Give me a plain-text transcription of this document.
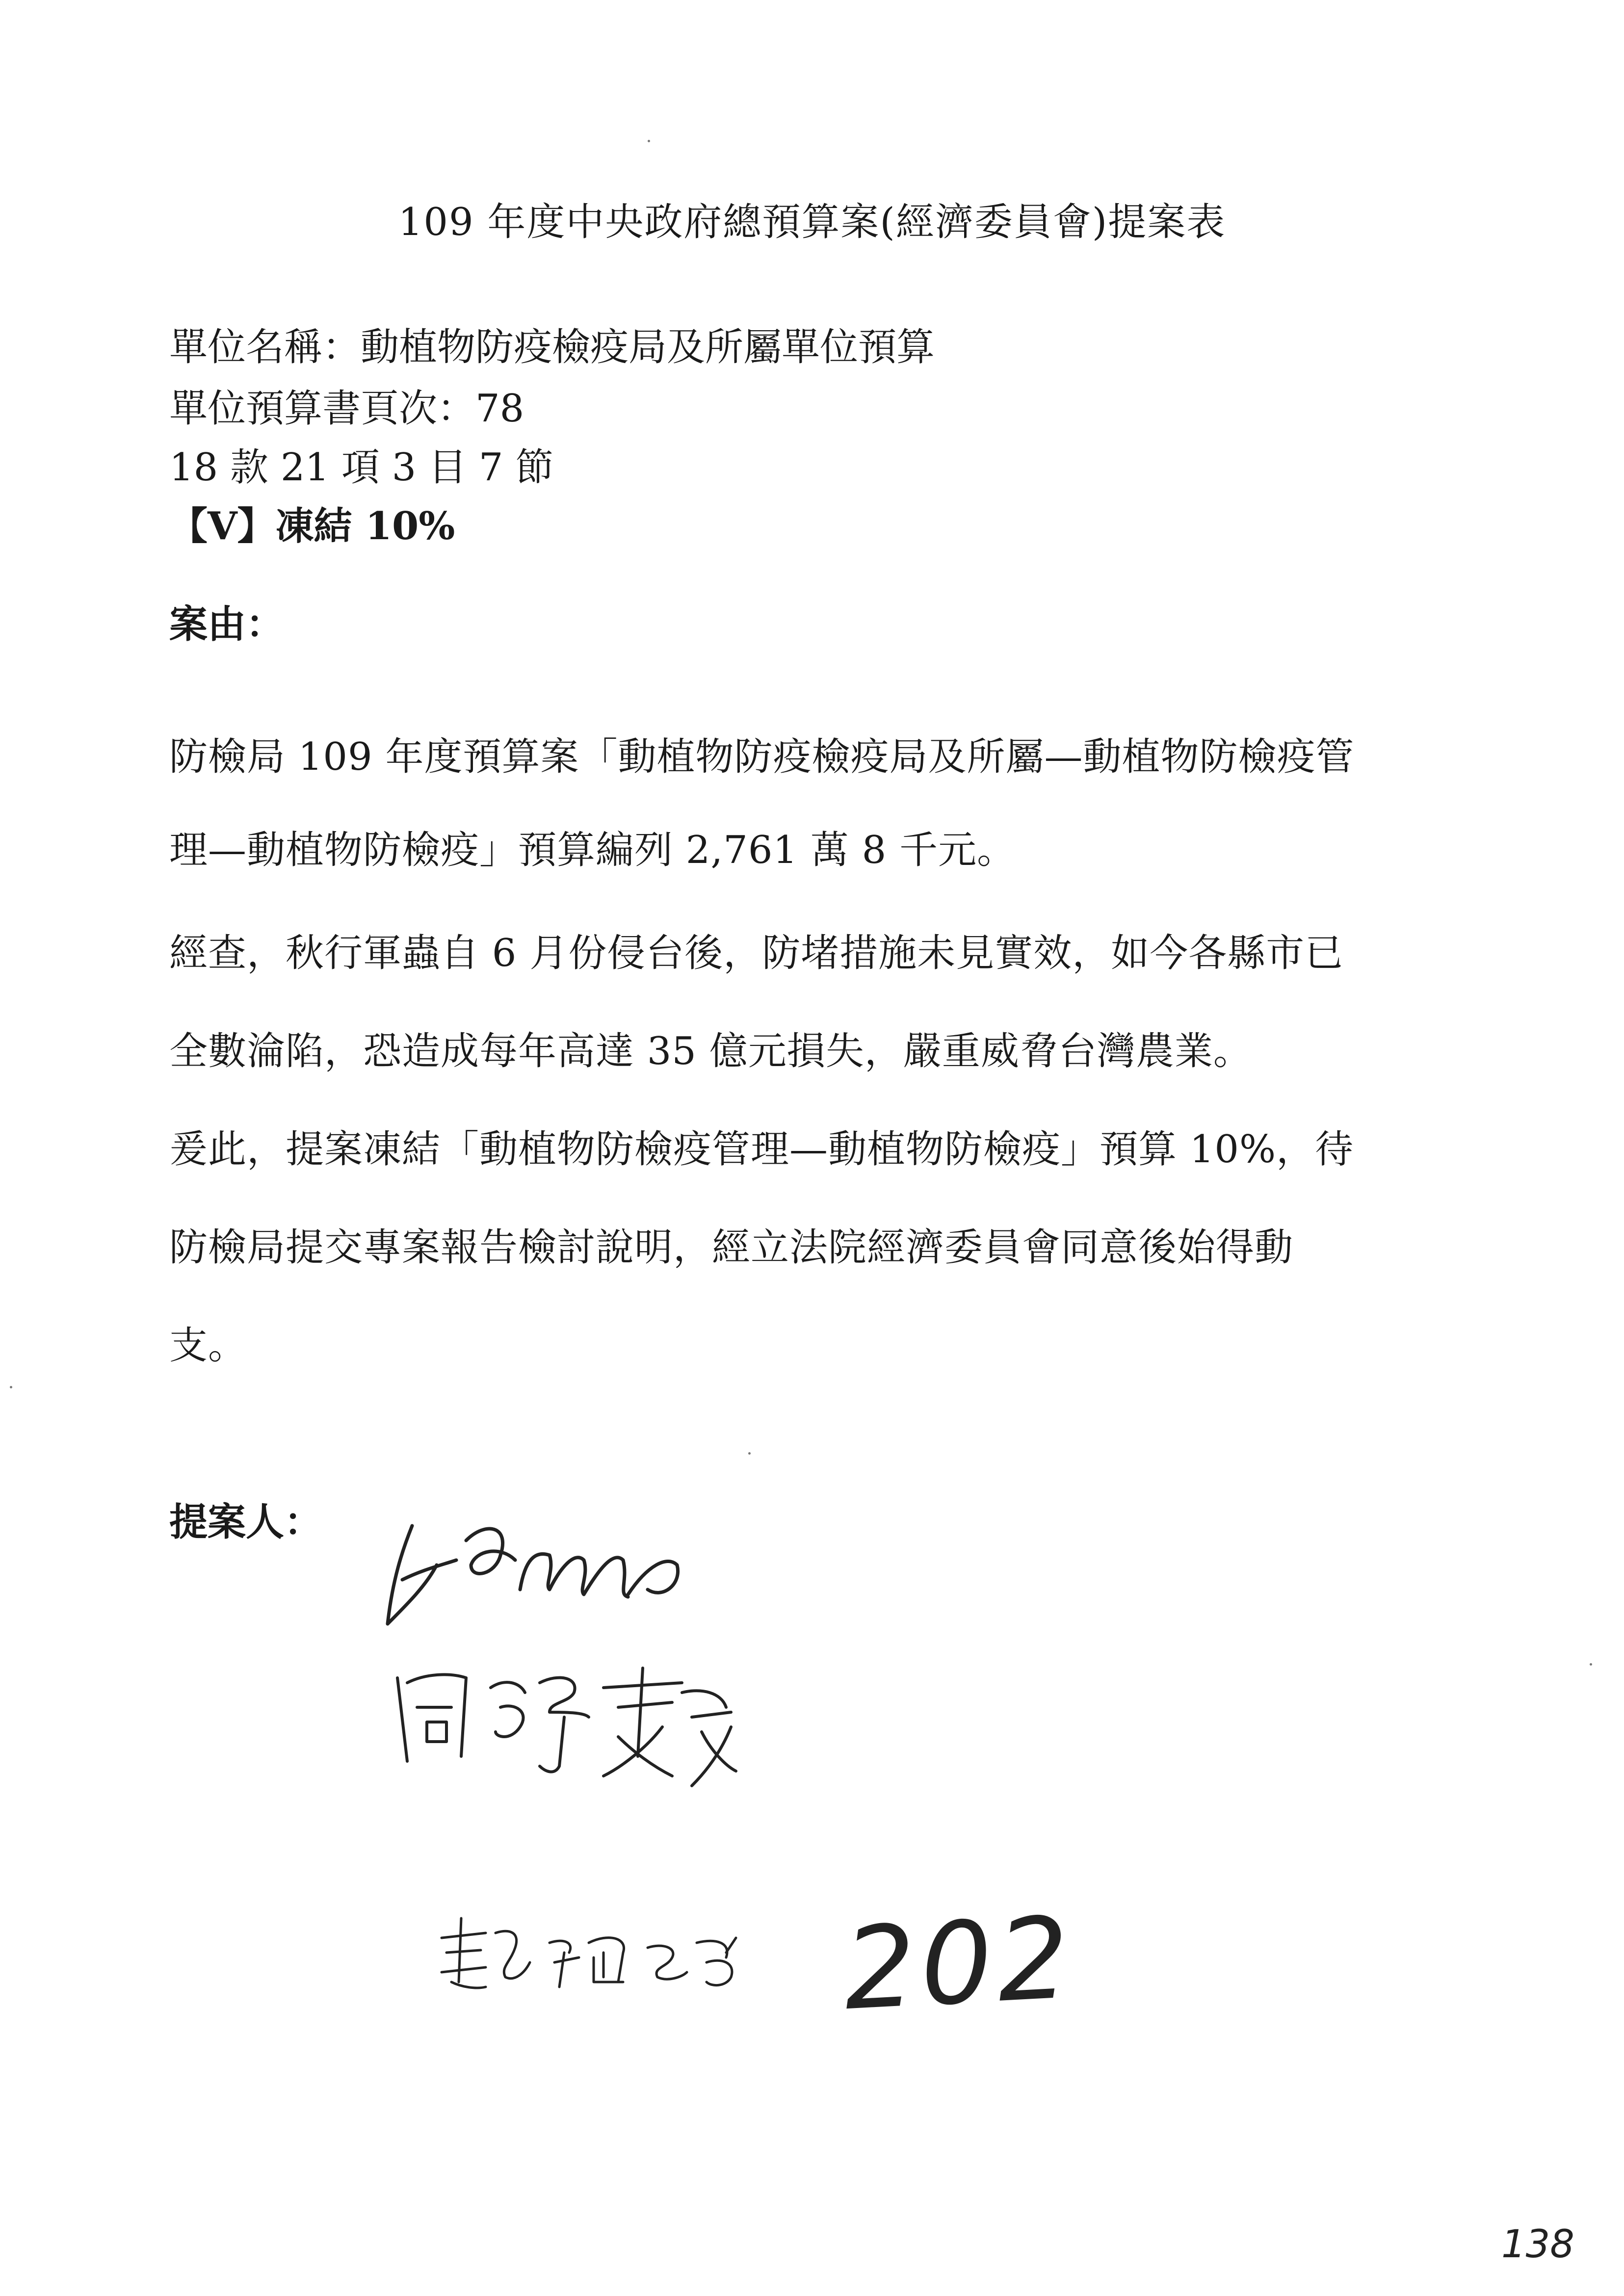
109 年度中央政府總預算案(經濟委員會)提案表
單位名稱：動植物防疫檢疫局及所屬單位預算
單位預算書頁次：78
18 款 21 項 3 目 7 節
【V】凍結 10%
案由：
防檢局 109 年度預算案「動植物防疫檢疫局及所屬—動植物防檢疫管
理—動植物防檢疫」預算編列 2,761 萬 8 千元。
經查，秋行軍蟲自 6 月份侵台後，防堵措施未見實效，如今各縣市已
全數淪陷，恐造成每年高達 35 億元損失，嚴重威脅台灣農業。
爰此，提案凍結「動植物防檢疫管理—動植物防檢疫」預算 10%，待
防檢局提交專案報告檢討說明，經立法院經濟委員會同意後始得動
支。
提案人：
202
138
